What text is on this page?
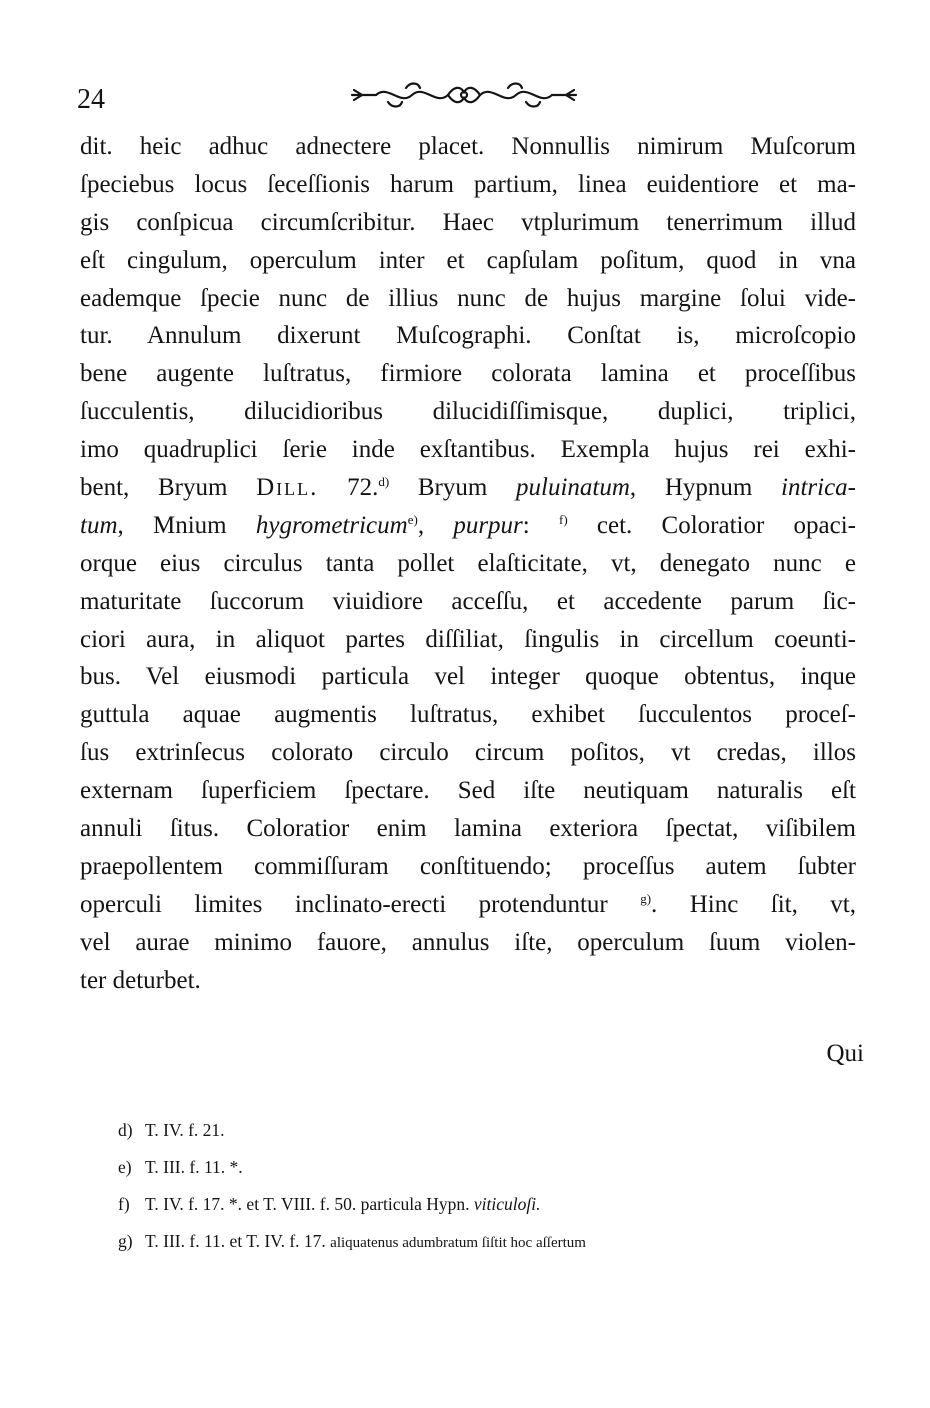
24
dit. heic adhuc adnectere placet. Nonnullis nimirum Muſcorum
ſpeciebus locus ſeceſſionis harum partium, linea euidentiore et ma-
gis conſpicua circumſcribitur. Haec vtplurimum tenerrimum illud
eſt cingulum, operculum inter et capſulam poſitum, quod in vna
eademque ſpecie nunc de illius nunc de hujus margine ſolui vide-
tur. Annulum dixerunt Muſcographi. Conſtat is, microſcopio
bene augente luſtratus, firmiore colorata lamina et proceſſibus
ſucculentis, dilucidioribus dilucidiſſimisque, duplici, triplici,
imo quadruplici ſerie inde exſtantibus. Exempla hujus rei exhi-
bent, Bryum Dill. 72.$^{d)}$ Bryum puluinatum, Hypnum intrica-
tum, Mnium hygrometricum$^{e)}$, purpur: $^{f)}$ cet. Coloratior opaci-
orque eius circulus tanta pollet elaſticitate, vt, denegato nunc e
maturitate ſuccorum viuidiore acceſſu, et accedente parum ſic-
ciori aura, in aliquot partes diſſiliat, ſingulis in circellum coeunti-
bus. Vel eiusmodi particula vel integer quoque obtentus, inque
guttula aquae augmentis luſtratus, exhibet ſucculentos proceſ-
ſus extrinſecus colorato circulo circum poſitos, vt credas, illos
externam ſuperficiem ſpectare. Sed iſte neutiquam naturalis eſt
annuli ſitus. Coloratior enim lamina exteriora ſpectat, viſibilem
praepollentem commiſſuram conſtituendo; proceſſus autem ſubter
operculi limites inclinato-erecti protenduntur $^{g)}$. Hinc ſit, vt,
vel aurae minimo fauore, annulus iſte, operculum ſuum violen-
ter deturbet.
Qui
d) T. IV. f. 21.
e) T. III. f. 11. *.
f) T. IV. f. 17. *. et T. VIII. f. 50. particula Hypn. viticuloſi.
g) T. III. f. 11. et T. IV. f. 17. aliquatenus adumbratum ſiſtit hoc aſſertum
